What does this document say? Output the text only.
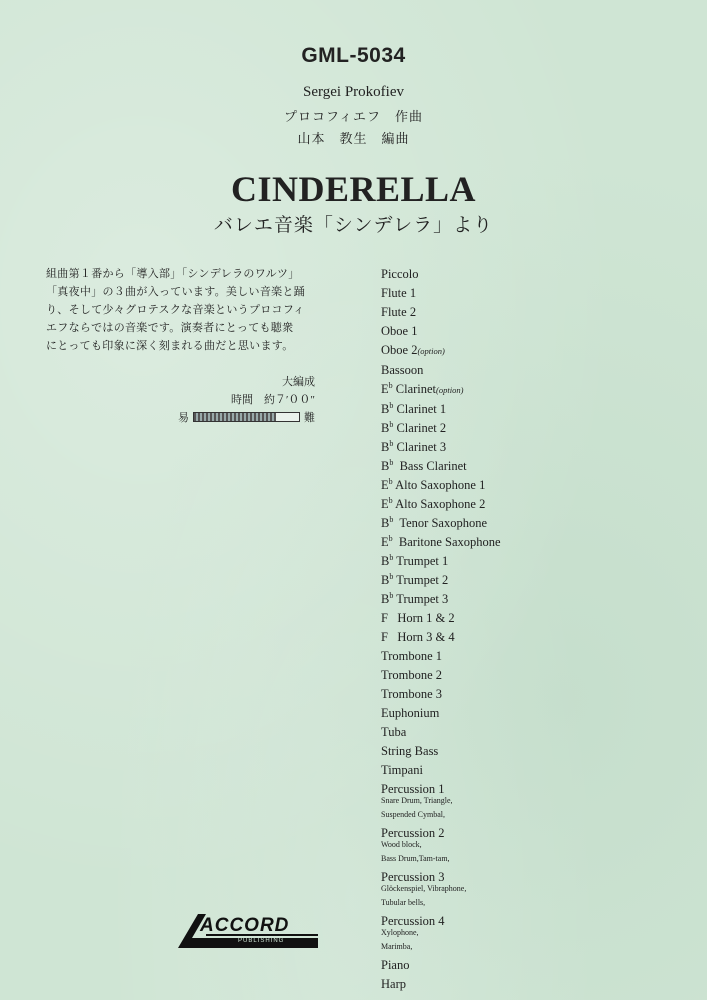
GML-5034
Sergei Prokofiev
プロコフィエフ　作曲
山本　教生　編曲
CINDERELLA
バレエ音楽「シンデレラ」より
組曲第１番から「導入部」「シンデレラのワルツ」
「真夜中」の３曲が入っています。美しい音楽と踊
り、そして少々グロテスクな音楽というプロコフィ
エフならではの音楽です。演奏者にとっても聴衆
にとっても印象に深く刻まれる曲だと思います。
大編成
時間　約７′００″
易	難
Piccolo
Flute 1
Flute 2
Oboe 1
Oboe 2(option)
Bassoon
$E^b$ Clarinet(option)
$B^b$ Clarinet 1
$B^b$ Clarinet 2
$B^b$ Clarinet 3
$B^b$  Bass Clarinet
$E^b$ Alto Saxophone 1
$E^b$ Alto Saxophone 2
$B^b$  Tenor Saxophone
$E^b$  Baritone Saxophone
$B^b$ Trumpet 1
$B^b$ Trumpet 2
$B^b$ Trumpet 3
F   Horn 1 & 2
F   Horn 3 & 4
Trombone 1
Trombone 2
Trombone 3
Euphonium
Tuba
String Bass
Timpani
Percussion 1
Snare Drum, Triangle,
Suspended Cymbal,
Percussion 2
Wood block,
Bass Drum,Tam-tam,
Percussion 3
Glöckenspiel, Vibraphone,
Tubular bells,
Percussion 4
Xylophone,
Marimba,
Piano
Harp
ACCORD
PUBLISHING
